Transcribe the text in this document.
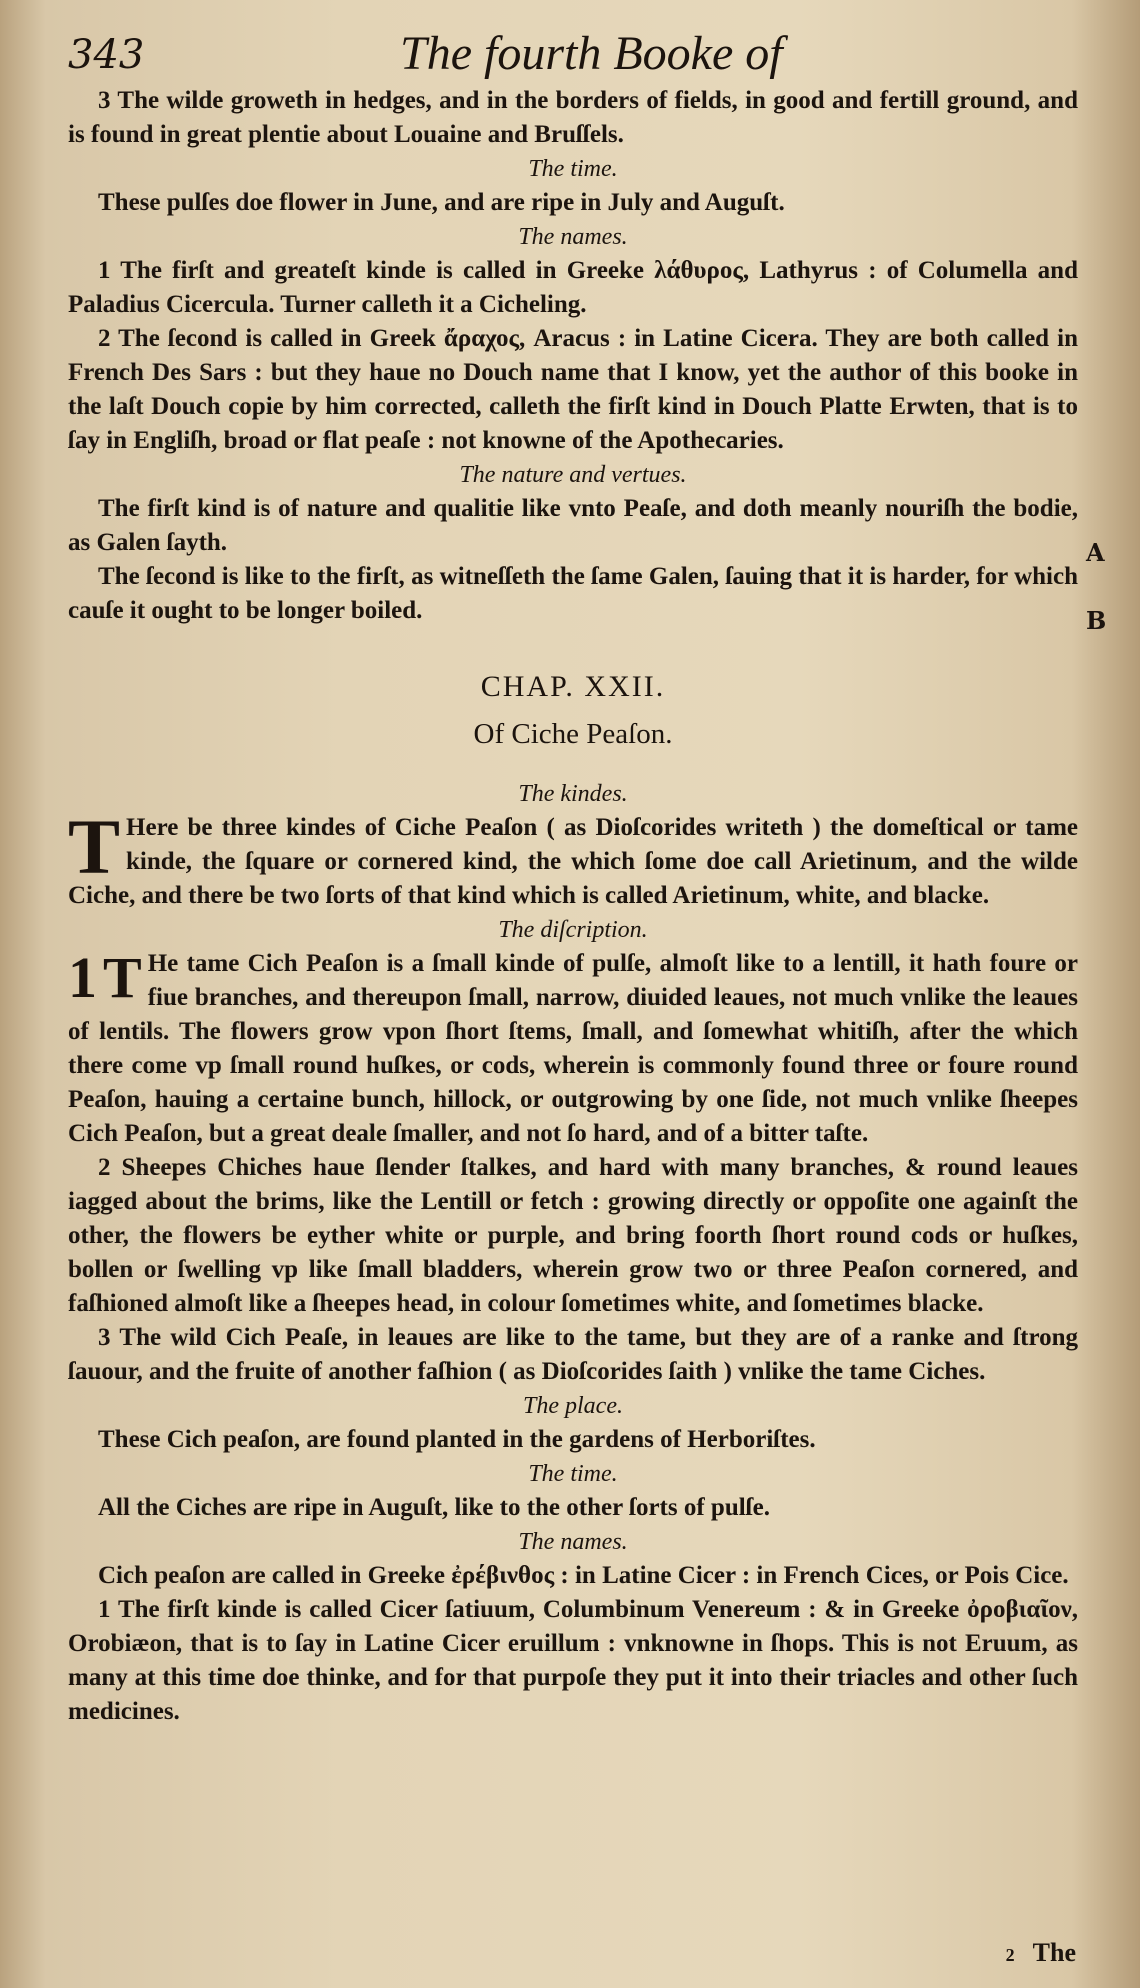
343	The fourth Booke of
A
B

3 The wilde groweth in hedges, and in the borders of fields, in good and fertill ground, and is found in great plentie about Louaine and Bruſſels.

The time.

These pulſes doe flower in June, and are ripe in July and Auguſt.

The names.

1 The firſt and greateſt kinde is called in Greeke λάθυρος, Lathyrus : of Columella and Paladius Cicercula. Turner calleth it a Cicheling.

2 The ſecond is called in Greek ἄραχος, Aracus : in Latine Cicera. They are both called in French Des Sars : but they haue no Douch name that I know, yet the author of this booke in the laſt Douch copie by him corrected, calleth the firſt kind in Douch Platte Erwten, that is to ſay in Engliſh, broad or flat peaſe : not knowne of the Apothecaries.

The nature and vertues.

The firſt kind is of nature and qualitie like vnto Peaſe, and doth meanly nouriſh the bodie, as Galen ſayth.

The ſecond is like to the firſt, as witneſſeth the ſame Galen, ſauing that it is harder, for which cauſe it ought to be longer boiled.

CHAP. XXII.
Of Ciche Peaſon.

The kindes.

T Here be three kindes of Ciche Peaſon ( as Dioſcorides writeth ) the domeſtical or tame kinde, the ſquare or cornered kind, the which ſome doe call Arietinum, and the wilde Ciche, and there be two ſorts of that kind which is called Arietinum, white, and blacke.

The diſcription.

1 T He tame Cich Peaſon is a ſmall kinde of pulſe, almoſt like to a lentill, it hath foure or fiue branches, and thereupon ſmall, narrow, diuided leaues, not much vnlike the leaues of lentils. The flowers grow vpon ſhort ſtems, ſmall, and ſomewhat whitiſh, after the which there come vp ſmall round huſkes, or cods, wherein is commonly found three or foure round Peaſon, hauing a certaine bunch, hillock, or outgrowing by one ſide, not much vnlike ſheepes Cich Peaſon, but a great deale ſmaller, and not ſo hard, and of a bitter taſte.

2 Sheepes Chiches haue ſlender ſtalkes, and hard with many branches, & round leaues iagged about the brims, like the Lentill or fetch : growing directly or oppoſite one againſt the other, the flowers be eyther white or purple, and bring foorth ſhort round cods or huſkes, bollen or ſwelling vp like ſmall bladders, wherein grow two or three Peaſon cornered, and faſhioned almoſt like a ſheepes head, in colour ſometimes white, and ſometimes blacke.

3 The wild Cich Peaſe, in leaues are like to the tame, but they are of a ranke and ſtrong ſauour, and the fruite of another faſhion ( as Dioſcorides ſaith ) vnlike the tame Ciches.

The place.

These Cich peaſon, are found planted in the gardens of Herboriſtes.

The time.

All the Ciches are ripe in Auguſt, like to the other ſorts of pulſe.

The names.

Cich peaſon are called in Greeke ἐρέβινθος : in Latine Cicer : in French Cices, or Pois Cice.

1 The firſt kinde is called Cicer ſatiuum, Columbinum Venereum : & in Greeke ὀροβιαῖον, Orobiæon, that is to ſay in Latine Cicer eruillum : vnknowne in ſhops. This is not Eruum, as many at this time doe thinke, and for that purpoſe they put it into their triacles and other ſuch medicines.

2 The
